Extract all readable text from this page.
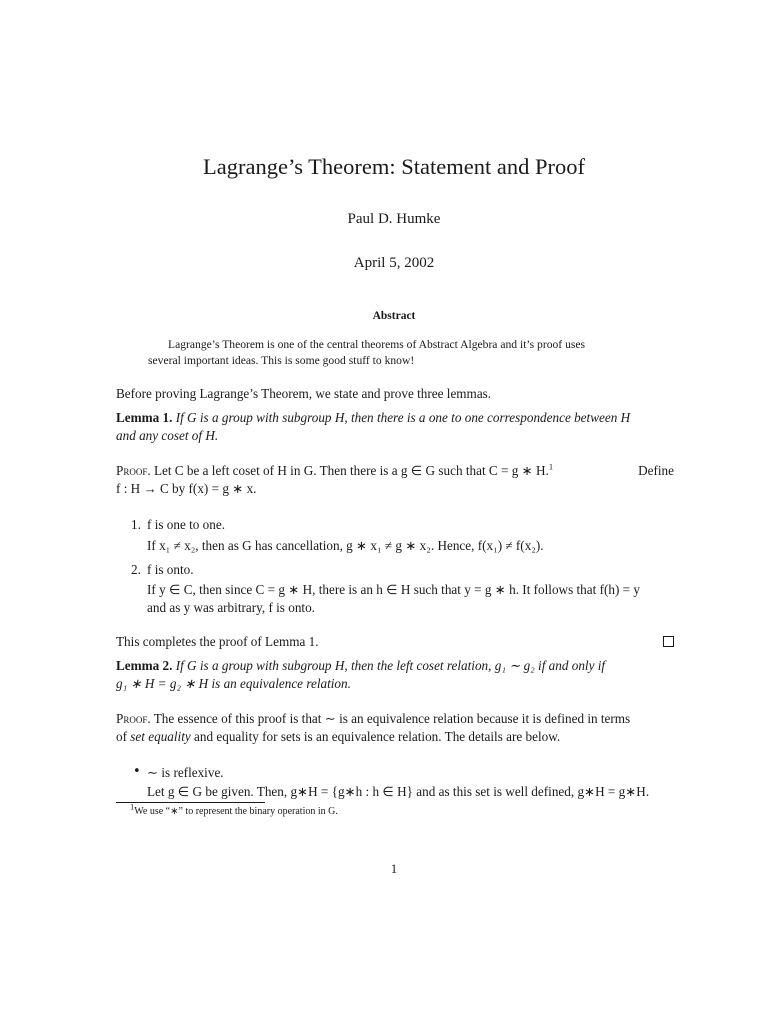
Lagrange’s Theorem: Statement and Proof
Paul D. Humke
April 5, 2002
Abstract
Lagrange’s Theorem is one of the central theorems of Abstract Algebra and it’s proof uses
several important ideas. This is some good stuff to know!
Before proving Lagrange’s Theorem, we state and prove three lemmas.
Lemma 1. If G is a group with subgroup H, then there is a one to one correspondence between H
and any coset of H.
Proof. Let C be a left coset of H in G. Then there is a g ∈ G such that C = g ∗ H.$^1$	Define
f : H → C by f(x) = g ∗ x.
1. f is one to one.
If x₁ ≠ x₂, then as G has cancellation, g ∗ x₁ ≠ g ∗ x₂. Hence, f(x₁) ≠ f(x₂).
2. f is onto.
If y ∈ C, then since C = g ∗ H, there is an h ∈ H such that y = g ∗ h. It follows that f(h) = y
and as y was arbitrary, f is onto.
This completes the proof of Lemma 1.
Lemma 2. If G is a group with subgroup H, then the left coset relation, g₁ ∼ g₂ if and only if
g₁ ∗ H = g₂ ∗ H is an equivalence relation.
Proof. The essence of this proof is that ∼ is an equivalence relation because it is defined in terms
of set equality and equality for sets is an equivalence relation. The details are below.
• ∼ is reflexive.
Let g ∈ G be given. Then, g∗H = {g∗h : h ∈ H} and as this set is well defined, g∗H = g∗H.
$^1$We use “∗” to represent the binary operation in G.
1
